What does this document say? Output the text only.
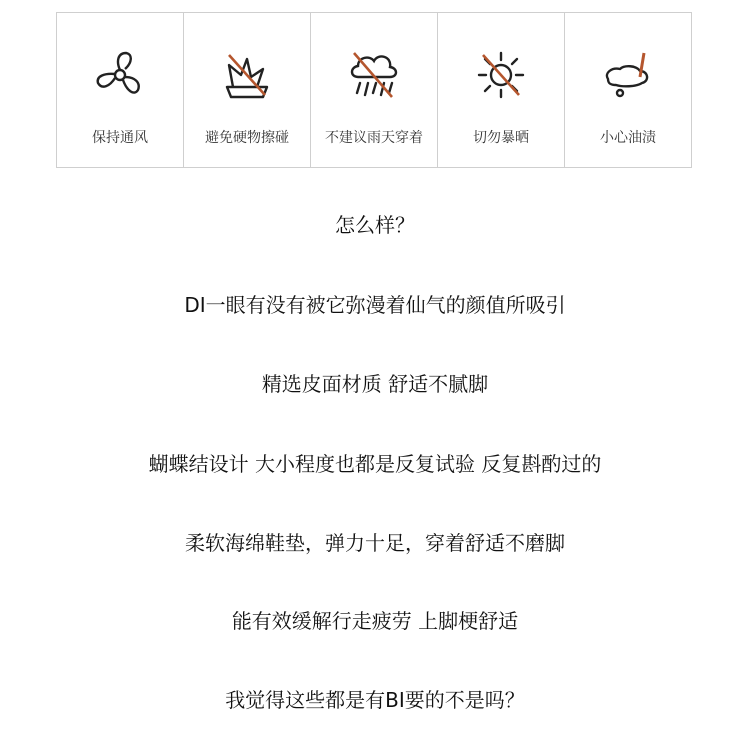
保持通风	避免硬物擦碰	不建议雨天穿着	切勿暴晒	小心油渍
怎么样？
DI一眼有没有被它弥漫着仙气的颜值所吸引
精选皮面材质 舒适不腻脚
蝴蝶结设计 大小程度也都是反复试验 反复斟酌过的
柔软海绵鞋垫，弹力十足，穿着舒适不磨脚
能有效缓解行走疲劳 上脚梗舒适
我觉得这些都是有BI要的不是吗？
